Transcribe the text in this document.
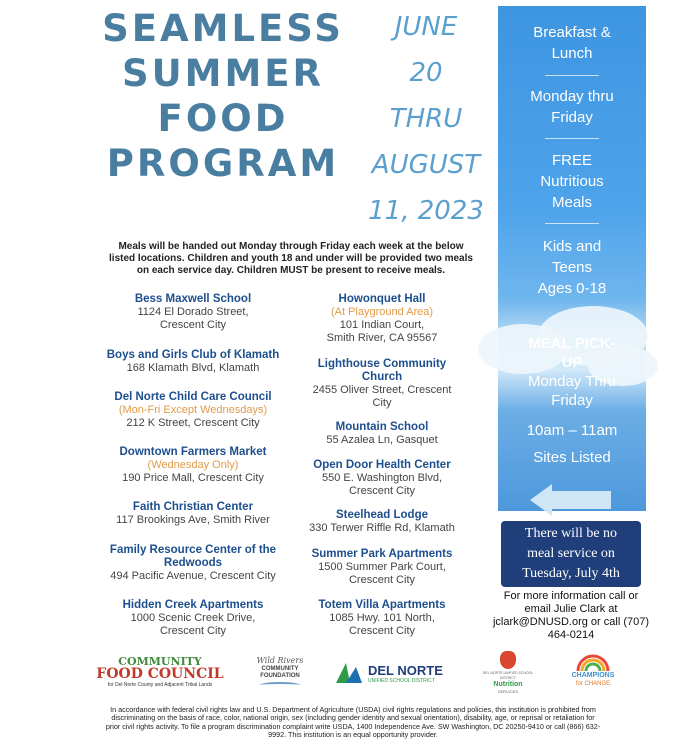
SEAMLESS
SUMMER
FOOD
PROGRAM
JUNE
20
THRU
AUGUST
11, 2023
Breakfast &
Lunch
Monday thru
Friday
FREE
Nutritious
Meals
Kids and
Teens
Ages 0-18
MEAL PICK-
UP
Monday Thru
Friday
10am – 11am
Sites Listed
Meals will be handed out Monday through Friday each week at the below
listed locations. Children and youth 18 and under will be provided two meals
on each service day. Children MUST be present to receive meals.
Bess Maxwell School
1124 El Dorado Street,
Crescent City
Boys and Girls Club of Klamath
168 Klamath Blvd, Klamath
Del Norte Child Care Council
(Mon-Fri Except Wednesdays)
212 K Street, Crescent City
Downtown Farmers Market
(Wednesday Only)
190 Price Mall, Crescent City
Faith Christian Center
117 Brookings Ave, Smith River
Family Resource Center of the
Redwoods
494 Pacific Avenue, Crescent City
Hidden Creek Apartments
1000 Scenic Creek Drive,
Crescent City
Howonquet Hall
(At Playground Area)
101 Indian Court,
Smith River, CA 95567
Lighthouse Community
Church
2455 Oliver Street, Crescent
City
Mountain School
55 Azalea Ln, Gasquet
Open Door Health Center
550 E. Washington Blvd,
Crescent City
Steelhead Lodge
330 Terwer Riffle Rd, Klamath
Summer Park Apartments
1500 Summer Park Court,
Crescent City
Totem Villa Apartments
1085 Hwy. 101 North,
Crescent City
There will be no
meal service on
Tuesday, July 4th
For more information call or
email Julie Clark at
jclark@DNUSD.org or call (707)
464-0214
COMMUNITY
FOOD COUNCIL
for Del Norte County and Adjacent Tribal Lands
Wild Rivers
COMMUNITY
FOUNDATION	DEL NORTE
UNIFIED SCHOOL DISTRICT
DEL NORTE UNIFIED SCHOOL DISTRICT
Nutrition
SERVICES
CHAMPIONS
for CHANGE
In accordance with federal civil rights law and U.S. Department of Agriculture (USDA) civil rights regulations and policies, this institution is prohibited from
discriminating on the basis of race, color, national origin, sex (including gender identity and sexual orientation), disability, age, or reprisal or retaliation for
prior civil rights activity. To file a program discrimination complaint write USDA, 1400 Independence Ave. SW Washington, DC 20250-9410 or call (866) 632-
9992. This institution is an equal opportunity provider.
